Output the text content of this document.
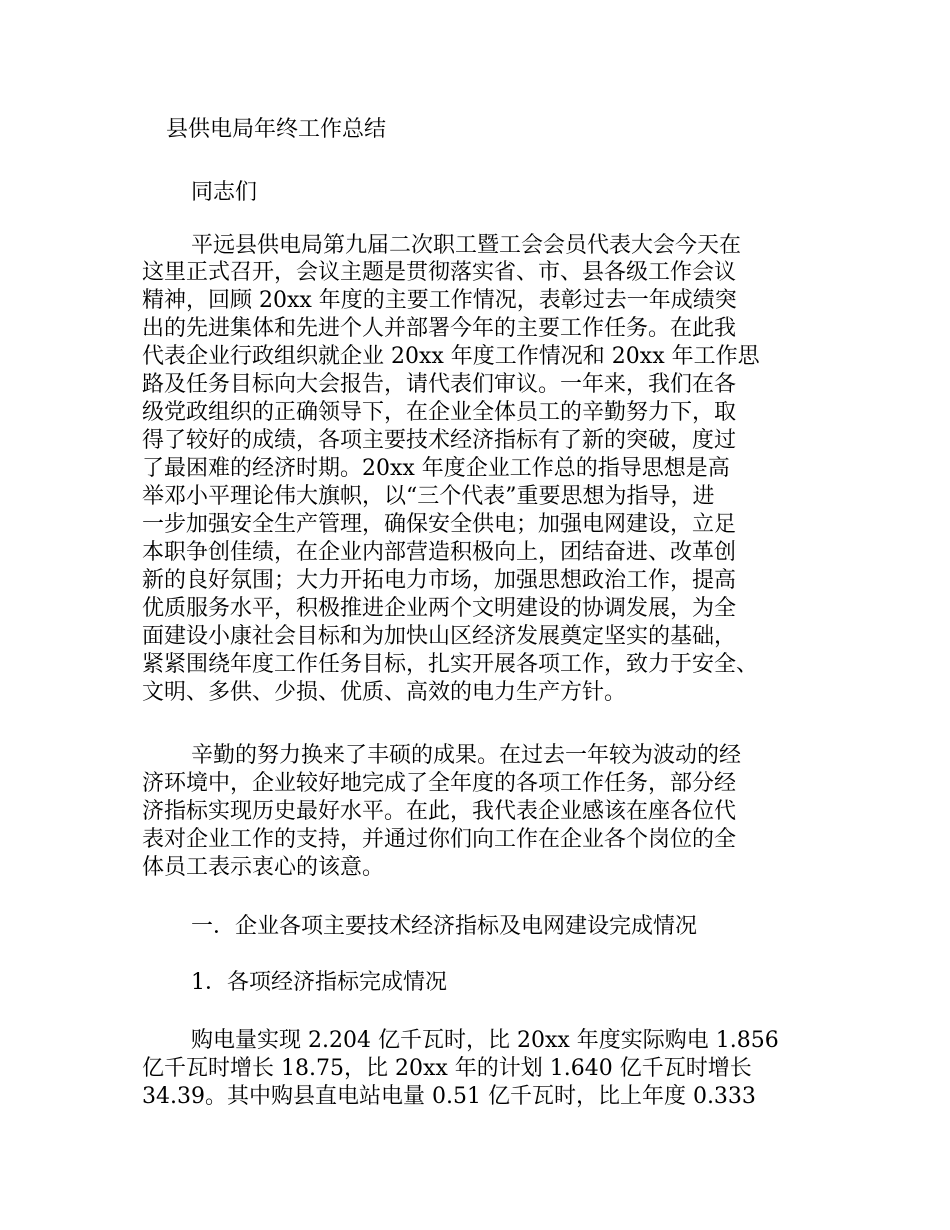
县供电局年终工作总结
同志们
平远县供电局第九届二次职工暨工会会员代表大会今天在
这里正式召开，会议主题是贯彻落实省、市、县各级工作会议
精神，回顾 20xx 年度的主要工作情况，表彰过去一年成绩突
出的先进集体和先进个人并部署今年的主要工作任务。在此我
代表企业行政组织就企业 20xx 年度工作情况和 20xx 年工作思
路及任务目标向大会报告，请代表们审议。一年来，我们在各
级党政组织的正确领导下，在企业全体员工的辛勤努力下，取
得了较好的成绩，各项主要技术经济指标有了新的突破，度过
了最困难的经济时期。20xx 年度企业工作总的指导思想是高
举邓小平理论伟大旗帜，以“三个代表”重要思想为指导，进
一步加强安全生产管理，确保安全供电；加强电网建设，立足
本职争创佳绩，在企业内部营造积极向上，团结奋进、改革创
新的良好氛围；大力开拓电力市场，加强思想政治工作，提高
优质服务水平，积极推进企业两个文明建设的协调发展，为全
面建设小康社会目标和为加快山区经济发展奠定坚实的基础，
紧紧围绕年度工作任务目标，扎实开展各项工作，致力于安全、
文明、多供、少损、优质、高效的电力生产方针。
辛勤的努力换来了丰硕的成果。在过去一年较为波动的经
济环境中，企业较好地完成了全年度的各项工作任务，部分经
济指标实现历史最好水平。在此，我代表企业感该在座各位代
表对企业工作的支持，并通过你们向工作在企业各个岗位的全
体员工表示衷心的该意。
一．企业各项主要技术经济指标及电网建设完成情况
1．各项经济指标完成情况
购电量实现 2.204 亿千瓦时，比 20xx 年度实际购电 1.856
亿千瓦时增长 18.75，比 20xx 年的计划 1.640 亿千瓦时增长
34.39。其中购县直电站电量 0.51 亿千瓦时，比上年度 0.333
